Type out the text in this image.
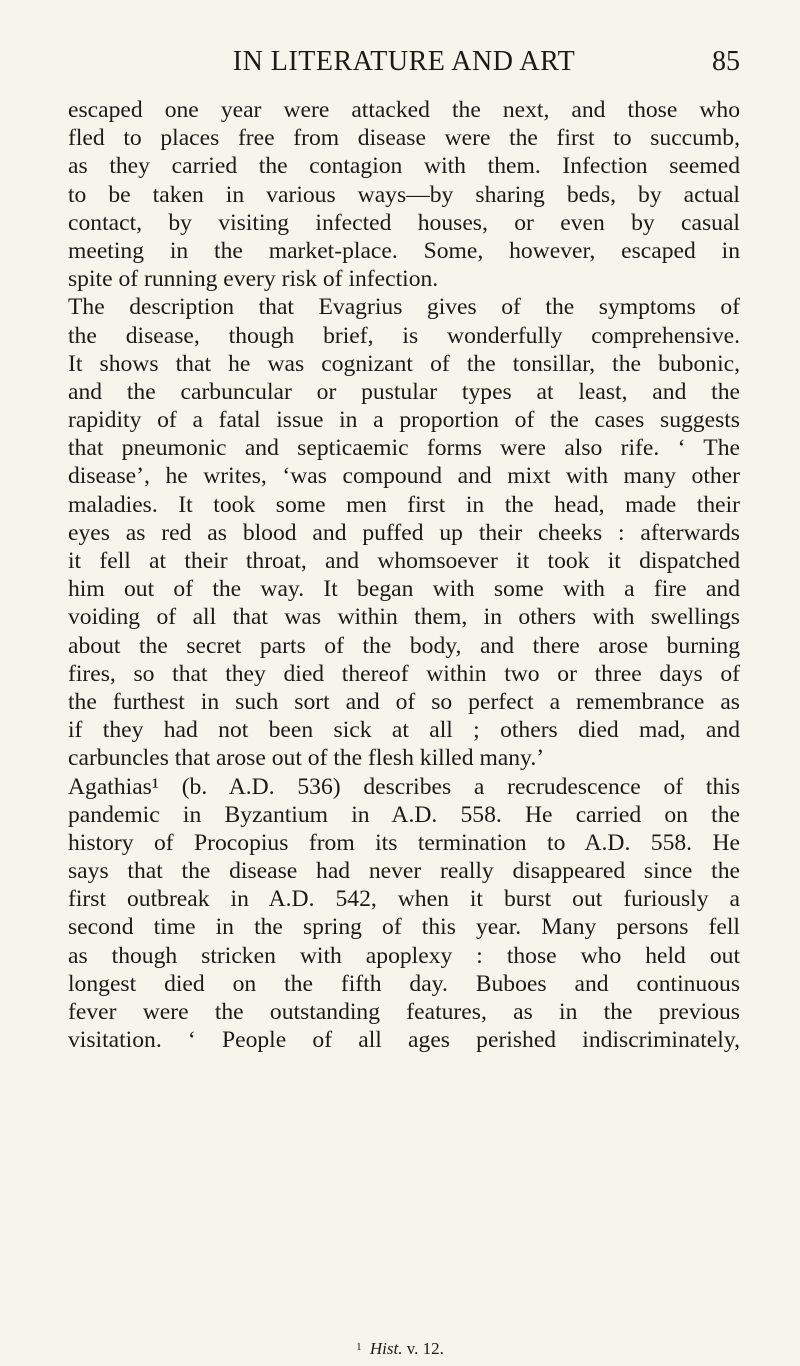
IN LITERATURE AND ART	85
escaped one year were attacked the next, and those who
fled to places free from disease were the first to succumb,
as they carried the contagion with them. Infection seemed
to be taken in various ways—by sharing beds, by actual
contact, by visiting infected houses, or even by casual
meeting in the market-place. Some, however, escaped in
spite of running every risk of infection.
The description that Evagrius gives of the symptoms of
the disease, though brief, is wonderfully comprehensive.
It shows that he was cognizant of the tonsillar, the bubonic,
and the carbuncular or pustular types at least, and the
rapidity of a fatal issue in a proportion of the cases suggests
that pneumonic and septicaemic forms were also rife. ‘ The
disease’, he writes, ‘was compound and mixt with many other
maladies. It took some men first in the head, made their
eyes as red as blood and puffed up their cheeks : afterwards
it fell at their throat, and whomsoever it took it dispatched
him out of the way. It began with some with a fire and
voiding of all that was within them, in others with swellings
about the secret parts of the body, and there arose burning
fires, so that they died thereof within two or three days of
the furthest in such sort and of so perfect a remembrance as
if they had not been sick at all ; others died mad, and
carbuncles that arose out of the flesh killed many.’
Agathias¹ (b. A.D. 536) describes a recrudescence of this
pandemic in Byzantium in A.D. 558. He carried on the
history of Procopius from its termination to A.D. 558. He
says that the disease had never really disappeared since the
first outbreak in A.D. 542, when it burst out furiously a
second time in the spring of this year. Many persons fell
as though stricken with apoplexy : those who held out
longest died on the fifth day. Buboes and continuous
fever were the outstanding features, as in the previous
visitation. ‘ People of all ages perished indiscriminately,
$^1$ Hist. v. 12.
